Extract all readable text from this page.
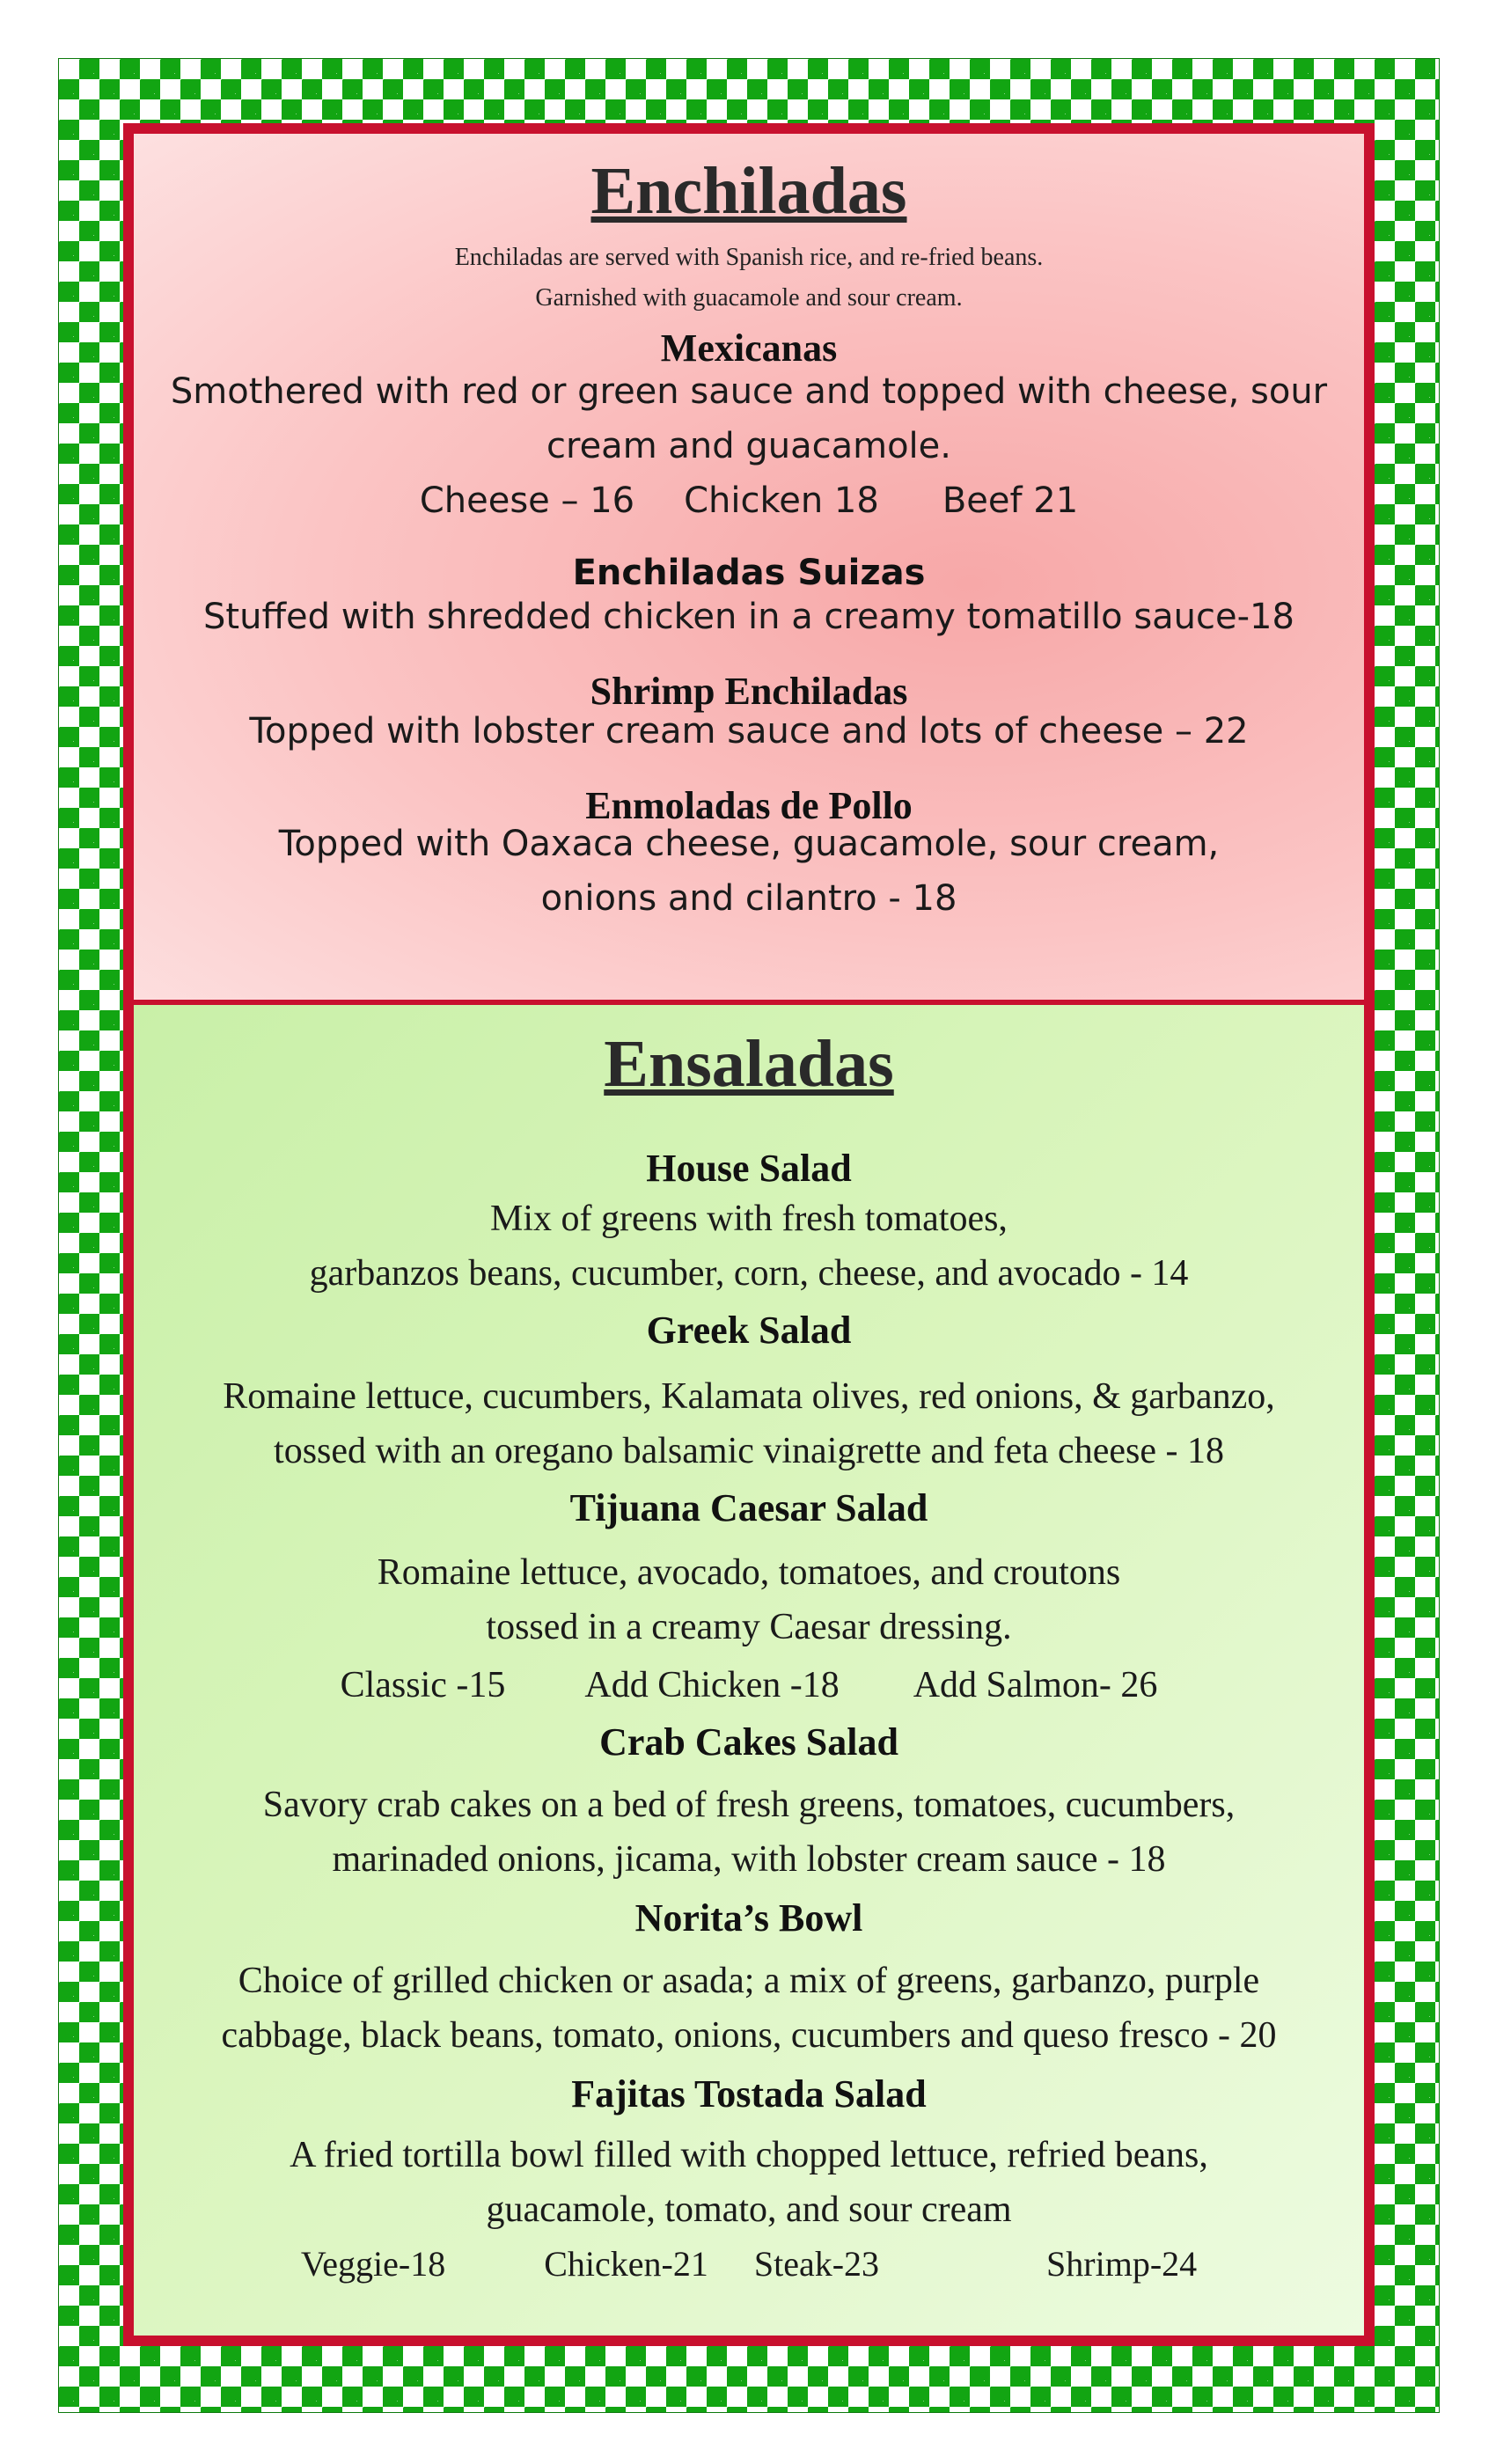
Enchiladas
Enchiladas are served with Spanish rice, and re-fried beans.
Garnished with guacamole and sour cream.
Mexicanas
Smothered with red or green sauce and topped with cheese, sour
cream and guacamole.
Cheese – 16 Chicken 18 Beef 21
Enchiladas Suizas
Stuffed with shredded chicken in a creamy tomatillo sauce-18
Shrimp Enchiladas
Topped with lobster cream sauce and lots of cheese – 22
Enmoladas de Pollo
Topped with Oaxaca cheese, guacamole, sour cream,
onions and cilantro - 18
Ensaladas
House Salad
Mix of greens with fresh tomatoes,
garbanzos beans, cucumber, corn, cheese, and avocado - 14
Greek Salad
Romaine lettuce, cucumbers, Kalamata olives, red onions, & garbanzo,
tossed with an oregano balsamic vinaigrette and feta cheese - 18
Tijuana Caesar Salad
Romaine lettuce, avocado, tomatoes, and croutons
tossed in a creamy Caesar dressing.
Classic -15 Add Chicken -18 Add Salmon- 26
Crab Cakes Salad
Savory crab cakes on a bed of fresh greens, tomatoes, cucumbers,
marinaded onions, jicama, with lobster cream sauce - 18
Norita’s Bowl
Choice of grilled chicken or asada; a mix of greens, garbanzo, purple
cabbage, black beans, tomato, onions, cucumbers and queso fresco - 20
Fajitas Tostada Salad
A fried tortilla bowl filled with chopped lettuce, refried beans,
guacamole, tomato, and sour cream
Veggie-18	Chicken-21 Steak-23	Shrimp-24
